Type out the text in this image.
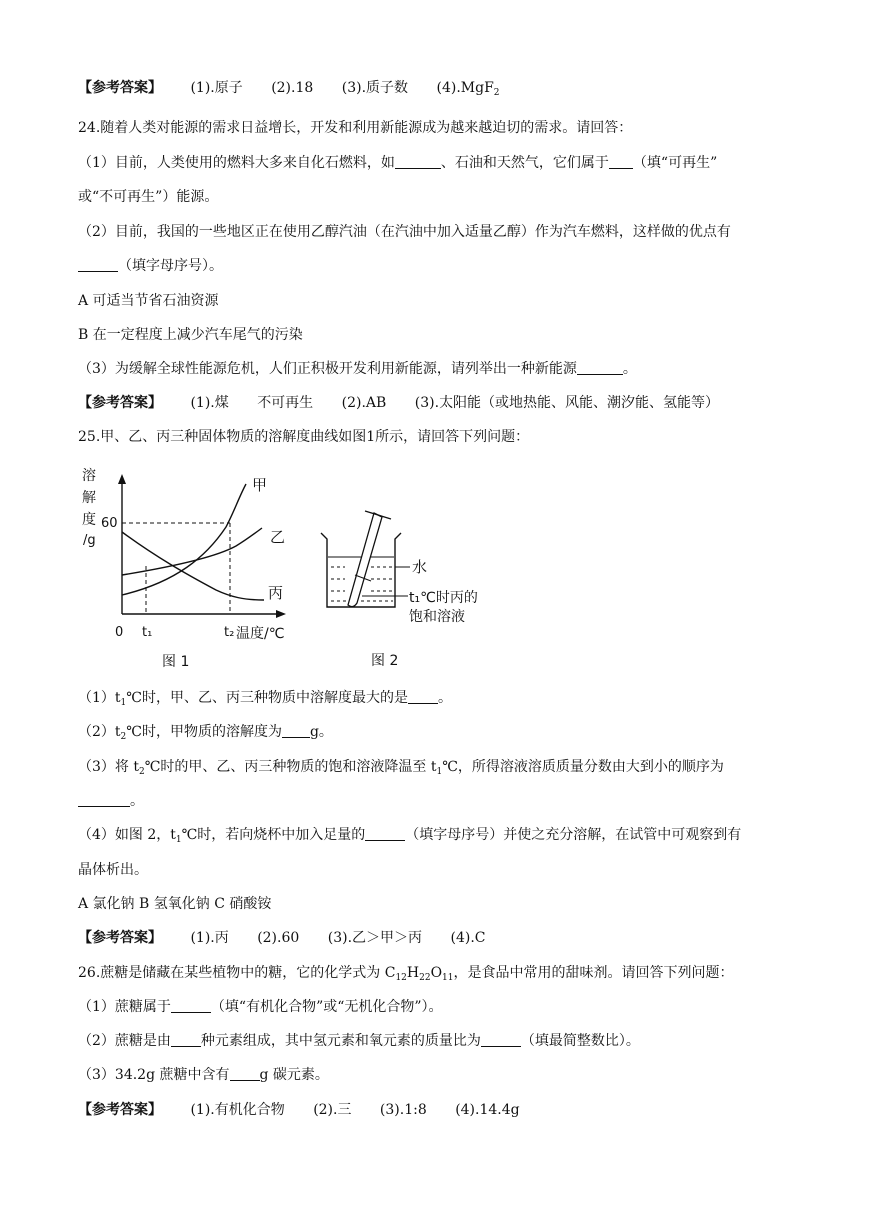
【参考答案】 (1).原子 (2).18 (3).质子数 (4).MgF$_2$
24.随着人类对能源的需求日益增长，开发和利用新能源成为越来越迫切的需求。请回答：
（1）目前，人类使用的燃料大多来自化石燃料，如	、石油和天然气，它们属于 （填“可再生”
或“不可再生”）能源。
（2）目前，我国的一些地区正在使用乙醇汽油（在汽油中加入适量乙醇）作为汽车燃料，这样做的优点有
（填字母序号）。
A 可适当节省石油资源
B 在一定程度上减少汽车尾气的污染
（3）为缓解全球性能源危机，人们正积极开发利用新能源，请列举出一种新能源	。
【参考答案】 (1).煤 不可再生 (2).AB (3).太阳能（或地热能、风能、潮汐能、氢能等）
25.甲、乙、丙三种固体物质的溶解度曲线如图1所示，请回答下列问题：
溶
解
度
/g
60
0 t₁	t₂ 温度/℃
甲
乙
丙
图 1
水
t₁℃时丙的
饱和溶液
图 2
$(1)t_1℃$时，甲、乙、丙三种物质中溶解度最大的是 。
$(2)t_2℃$时，甲物质的溶解度为 g。
（3）将 $t_2℃$时的甲、乙、丙三种物质的饱和溶液降温至 $t_1℃$，所得溶液溶质质量分数由大到小的顺序为
。
（4）如图 2，$t_1℃$时，若向烧杯中加入足量的	（填字母序号）并使之充分溶解，在试管中可观察到有
晶体析出。
A 氯化钠 B 氢氧化钠 C 硝酸铵
【参考答案】 (1).丙 (2).60 (3).乙＞甲＞丙 (4).C
26.蔗糖是储藏在某些植物中的糖，它的化学式为 $C_{12}H_{22}O_{11}$，是食品中常用的甜味剂。请回答下列问题：
（1）蔗糖属于	（填“有机化合物”或“无机化合物”）。
（2）蔗糖是由 种元素组成，其中氢元素和氧元素的质量比为	（填最简整数比）。
（3）34.2g 蔗糖中含有 g 碳元素。
【参考答案】 (1).有机化合物 (2).三 (3).1:8 (4).14.4g
